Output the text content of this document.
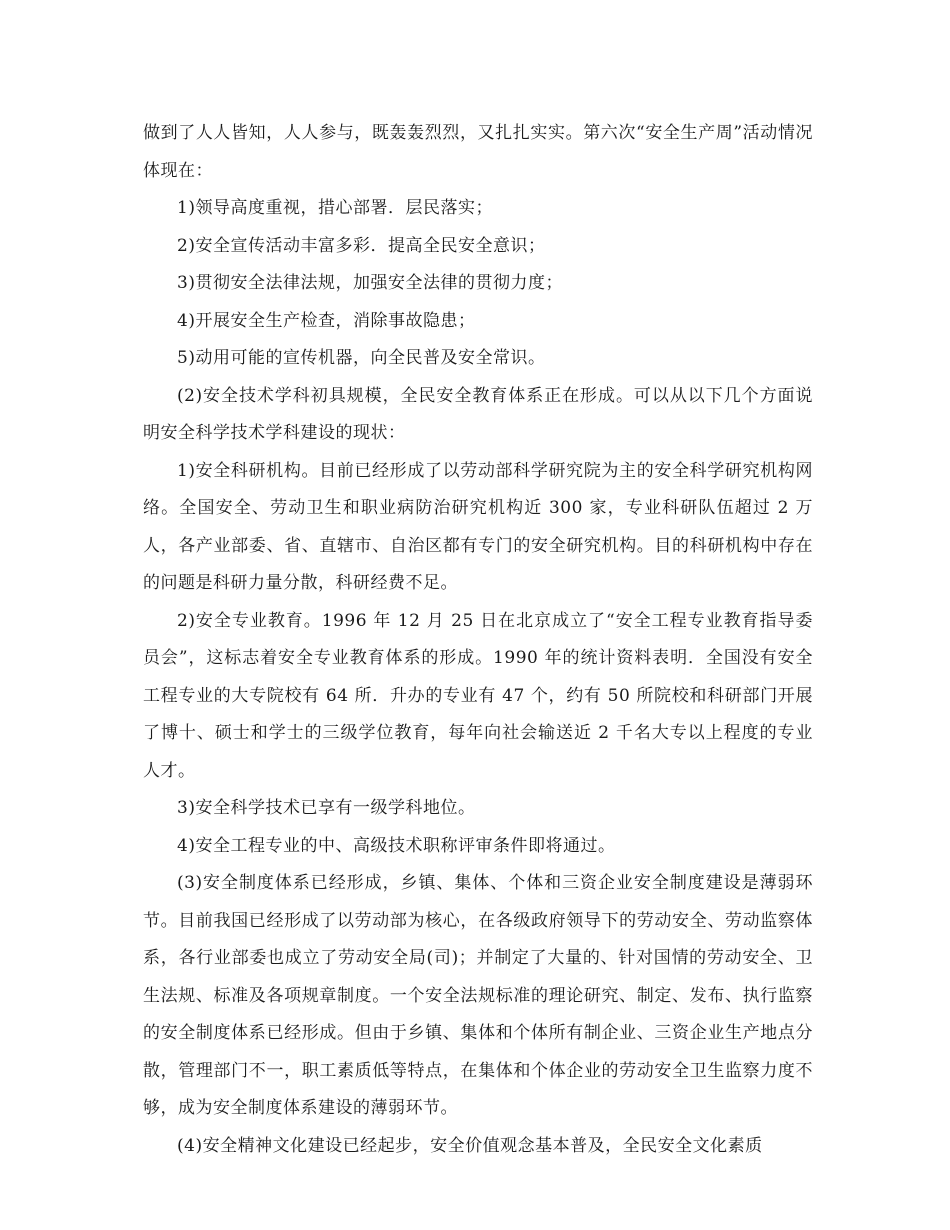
做到了人人皆知，人人参与，既轰轰烈烈，又扎扎实实。第六次“安全生产周”活动情况体现在：

1)领导高度重视，措心部署．层民落实；

2)安全宣传活动丰富多彩．提高全民安全意识；

3)贯彻安全法律法规，加强安全法律的贯彻力度；

4)开展安全生产检查，消除事故隐患；

5)动用可能的宣传机器，向全民普及安全常识。

(2)安全技术学科初具规模，全民安全教育体系正在形成。可以从以下几个方面说明安全科学技术学科建设的现状：

1)安全科研机构。目前已经形成了以劳动部科学研究院为主的安全科学研究机构网络。全国安全、劳动卫生和职业病防治研究机构近 300 家，专业科研队伍超过 2 万人，各产业部委、省、直辖市、自治区都有专门的安全研究机构。目的科研机构中存在的问题是科研力量分散，科研经费不足。

2)安全专业教育。1996 年 12 月 25 日在北京成立了“安全工程专业教育指导委员会”，这标志着安全专业教育体系的形成。1990 年的统计资料表明．全国没有安全工程专业的大专院校有 64 所．升办的专业有 47 个，约有 50 所院校和科研部门开展了博十、硕士和学士的三级学位教育，每年向社会输送近 2 千名大专以上程度的专业人才。

3)安全科学技术已享有一级学科地位。

4)安全工程专业的中、高级技术职称评审条件即将通过。

(3)安全制度体系已经形成，乡镇、集体、个体和三资企业安全制度建设是薄弱环节。目前我国已经形成了以劳动部为核心，在各级政府领导下的劳动安全、劳动监察体系，各行业部委也成立了劳动安全局(司)；并制定了大量的、针对国情的劳动安全、卫生法规、标准及各项规章制度。一个安全法规标准的理论研究、制定、发布、执行监察的安全制度体系已经形成。但由于乡镇、集体和个体所有制企业、三资企业生产地点分散，管理部门不一，职工素质低等特点，在集体和个体企业的劳动安全卫生监察力度不够，成为安全制度体系建设的薄弱环节。

(4)安全精神文化建设已经起步，安全价值观念基本普及，全民安全文化素质
